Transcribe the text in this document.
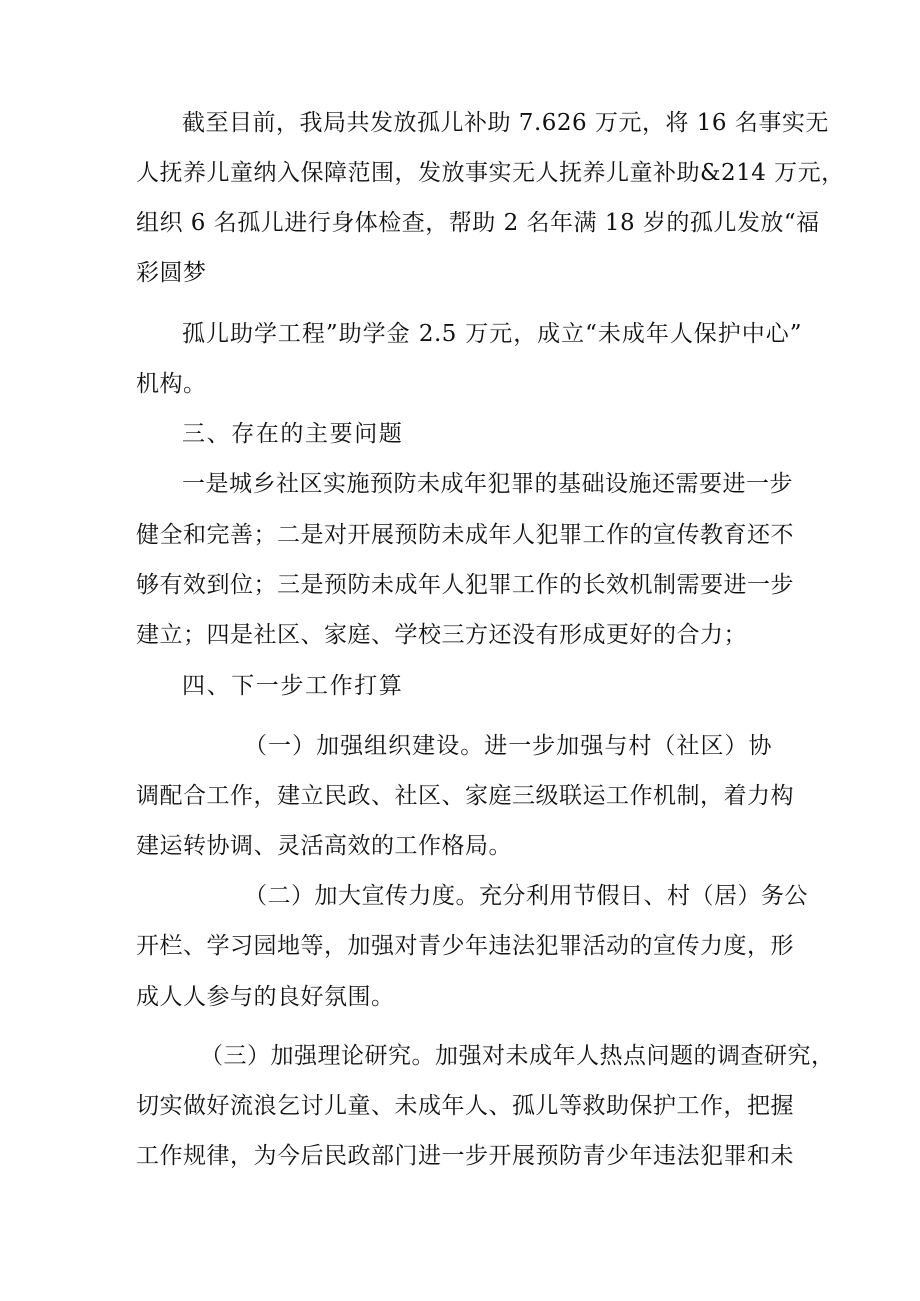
截至目前，我局共发放孤儿补助 7.626 万元，将 16 名事实无

人抚养儿童纳入保障范围，发放事实无人抚养儿童补助&214 万元，

组织 6 名孤儿进行身体检查，帮助 2 名年满 18 岁的孤儿发放“福

彩圆梦

孤儿助学工程”助学金 2.5 万元，成立“未成年人保护中心”

机构。

三、存在的主要问题

一是城乡社区实施预防未成年犯罪的基础设施还需要进一步

健全和完善；二是对开展预防未成年人犯罪工作的宣传教育还不

够有效到位；三是预防未成年人犯罪工作的长效机制需要进一步

建立；四是社区、家庭、学校三方还没有形成更好的合力；

四、下一步工作打算

（一）加强组织建设。进一步加强与村（社区）协

调配合工作，建立民政、社区、家庭三级联运工作机制，着力构

建运转协调、灵活高效的工作格局。

（二）加大宣传力度。充分利用节假日、村（居）务公

开栏、学习园地等，加强对青少年违法犯罪活动的宣传力度，形

成人人参与的良好氛围。

（三）加强理论研究。加强对未成年人热点问题的调查研究，

切实做好流浪乞讨儿童、未成年人、孤儿等救助保护工作，把握

工作规律，为今后民政部门进一步开展预防青少年违法犯罪和未
